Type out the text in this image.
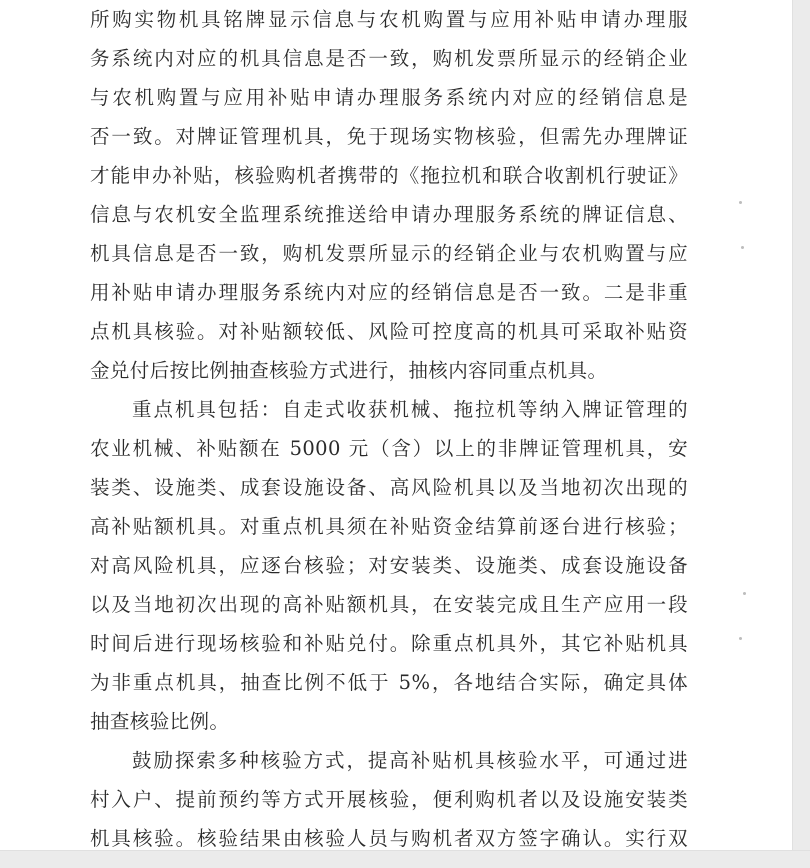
所购实物机具铭牌显示信息与农机购置与应用补贴申请办理服
务系统内对应的机具信息是否一致，购机发票所显示的经销企业
与农机购置与应用补贴申请办理服务系统内对应的经销信息是
否一致。对牌证管理机具，免于现场实物核验，但需先办理牌证
才能申办补贴，核验购机者携带的《拖拉机和联合收割机行驶证》
信息与农机安全监理系统推送给申请办理服务系统的牌证信息、
机具信息是否一致，购机发票所显示的经销企业与农机购置与应
用补贴申请办理服务系统内对应的经销信息是否一致。二是非重
点机具核验。对补贴额较低、风险可控度高的机具可采取补贴资
金兑付后按比例抽查核验方式进行，抽核内容同重点机具。
重点机具包括：自走式收获机械、拖拉机等纳入牌证管理的
农业机械、补贴额在 5000 元（含）以上的非牌证管理机具，安
装类、设施类、成套设施设备、高风险机具以及当地初次出现的
高补贴额机具。对重点机具须在补贴资金结算前逐台进行核验；
对高风险机具，应逐台核验；对安装类、设施类、成套设施设备
以及当地初次出现的高补贴额机具，在安装完成且生产应用一段
时间后进行现场核验和补贴兑付。除重点机具外，其它补贴机具
为非重点机具，抽查比例不低于 5%，各地结合实际，确定具体
抽查核验比例。
鼓励探索多种核验方式，提高补贴机具核验水平，可通过进
村入户、提前预约等方式开展核验，便利购机者以及设施安装类
机具核验。核验结果由核验人员与购机者双方签字确认。实行双
